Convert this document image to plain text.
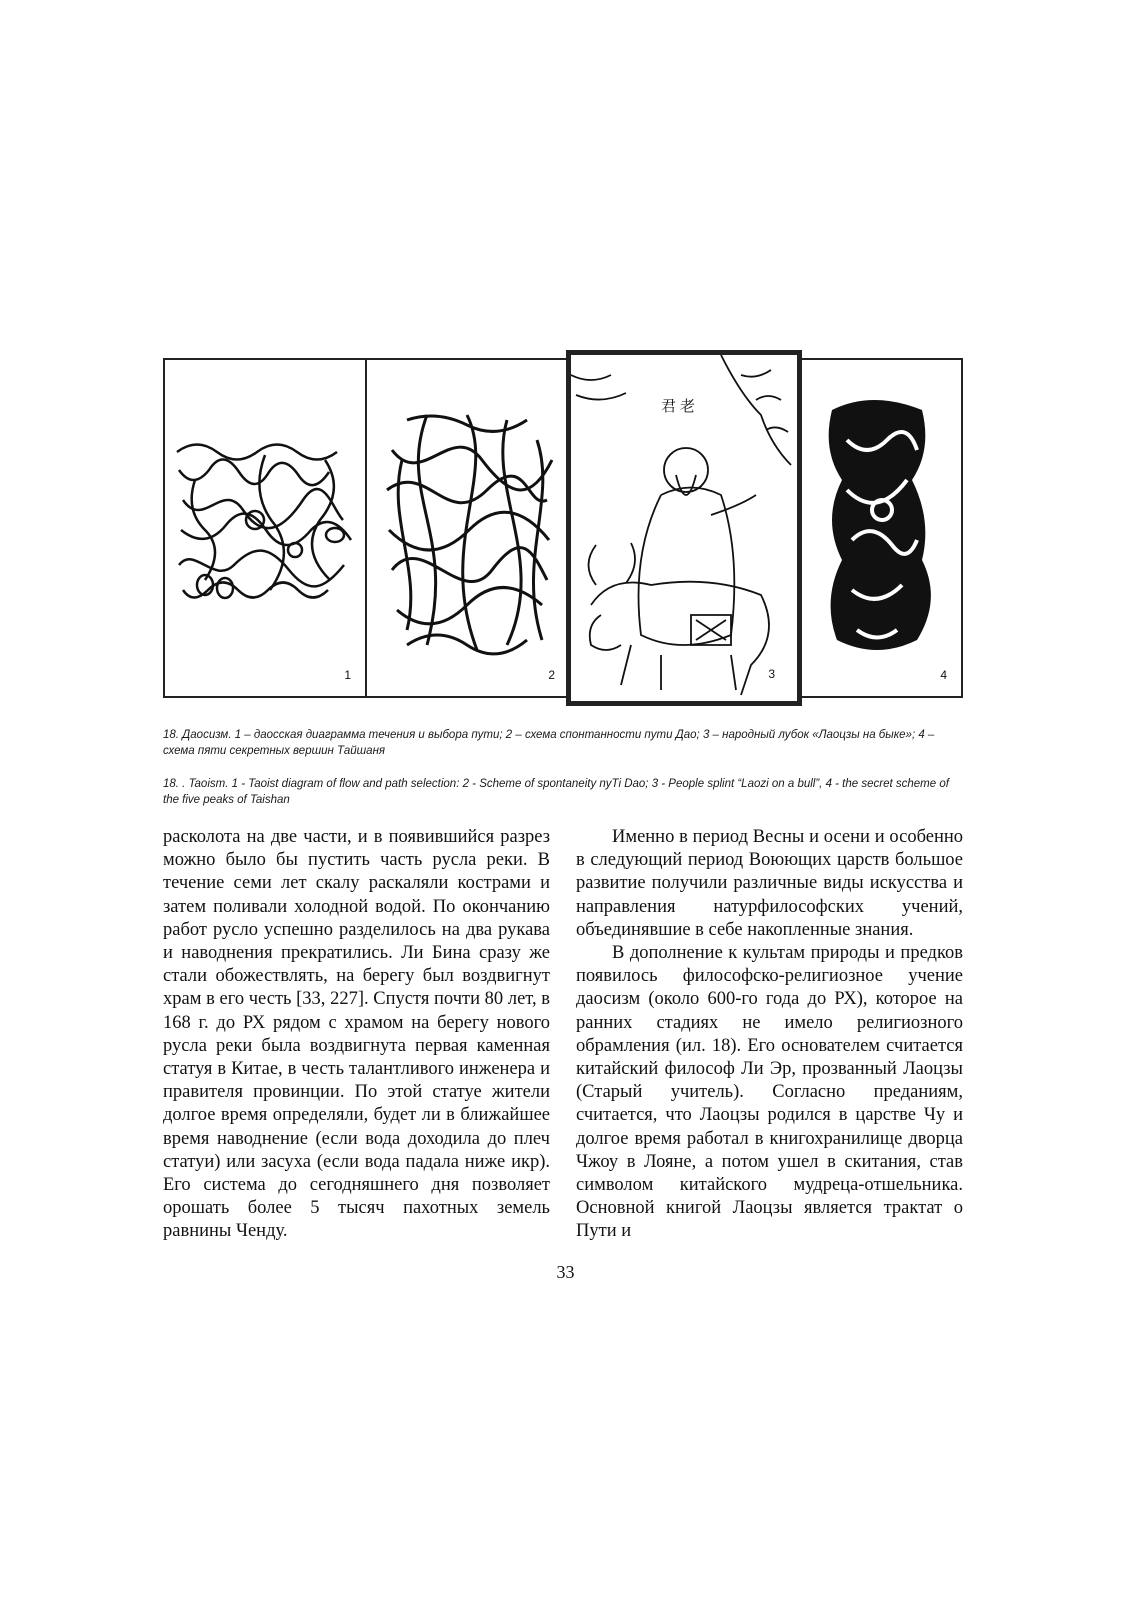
1	2
君老
3	4
18. Даосизм. 1 – даосская диаграмма течения и выбора пути; 2 – схема спонтанности пути Дао; 3 – народный лубок «Лаоцзы на быке»; 4 – схема пяти секретных вершин Тайшаня
18. . Taoism. 1 - Taoist diagram of flow and path selection: 2 - Scheme of spontaneity nyTi Dao; 3 - People splint “Laozi on a bull”, 4 - the secret scheme of the five peaks of Taishan

расколота на две части, и в появившийся разрез можно было бы пустить часть русла реки. В течение семи лет скалу раскаляли кострами и затем поливали холодной водой. По окончанию работ русло успешно разделилось на два рукава и наводнения прекратились. Ли Бина сразу же стали обожествлять, на берегу был воздвигнут храм в его честь [33, 227]. Спустя почти 80 лет, в 168 г. до РХ рядом с храмом на берегу нового русла реки была воздвигнута первая каменная статуя в Китае, в честь талантливого инженера и правителя провинции. По этой статуе жители долгое время определяли, будет ли в ближайшее время наводнение (если вода доходила до плеч статуи) или засуха (если вода падала ниже икр). Его система до сегодняшнего дня позволяет орошать более 5 тысяч пахотных земель равнины Ченду.

Именно в период Весны и осени и особенно в следующий период Воюющих царств большое развитие получили различные виды искусства и направления натурфилософских учений, объединявшие в себе накопленные знания.

В дополнение к культам природы и предков появилось философско-религиозное учение даосизм (около 600-го года до РХ), которое на ранних стадиях не имело религиозного обрамления (ил. 18). Его основателем считается китайский философ Ли Эр, прозванный Лаоцзы (Старый учитель). Согласно преданиям, считается, что Лаоцзы родился в царстве Чу и долгое время работал в книгохранилище дворца Чжоу в Лояне, а потом ушел в скитания, став символом китайского мудреца-отшельника. Основной книгой Лаоцзы является трактат о Пути и

33
